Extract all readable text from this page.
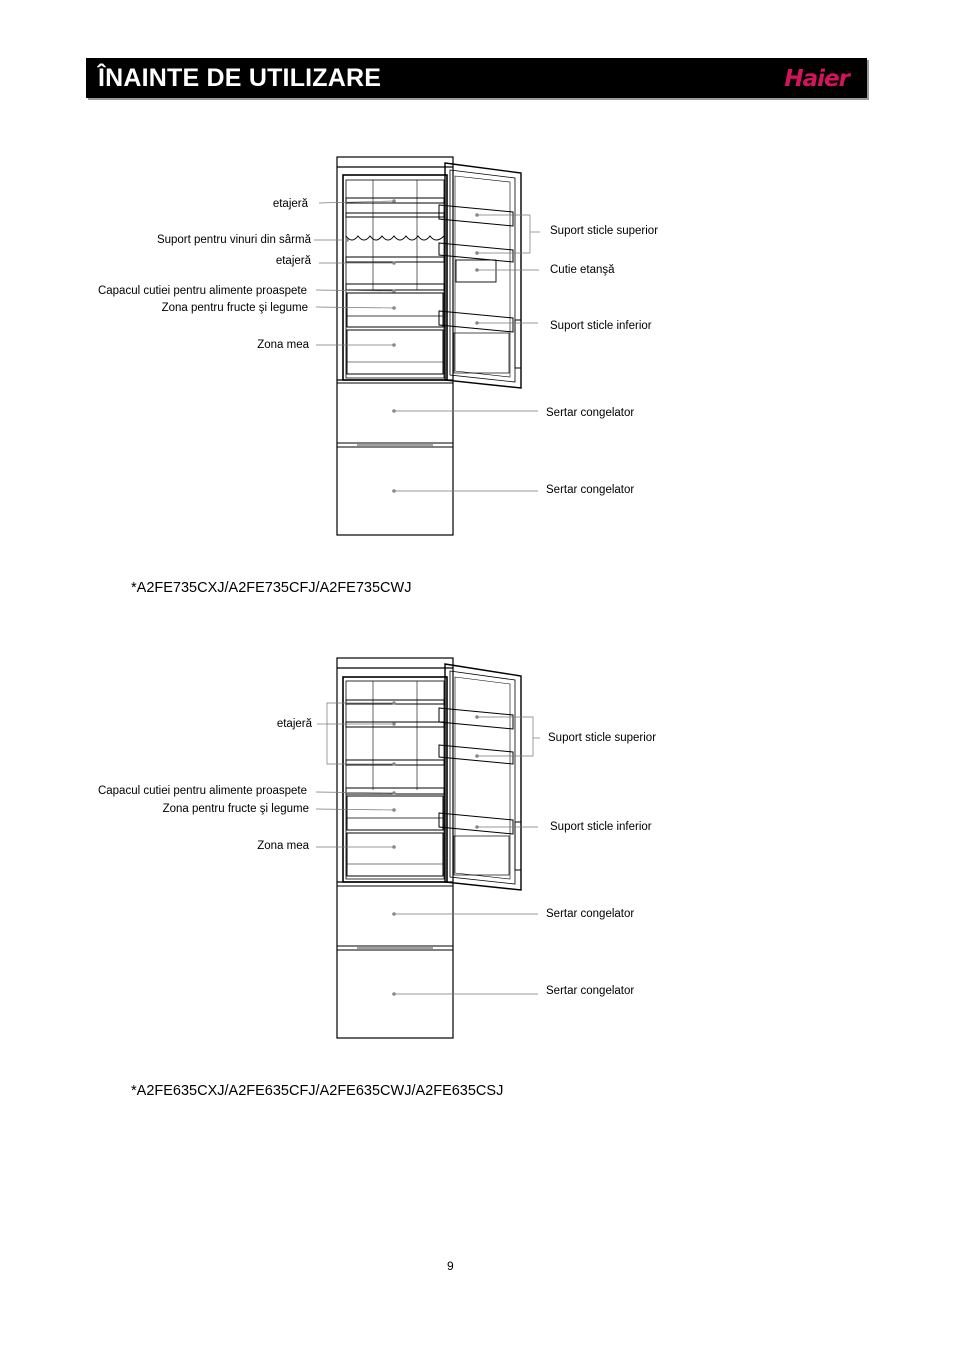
ÎNAINTE DE UTILIZARE	Haier
etajeră
Suport pentru vinuri din sârmă
etajeră
Capacul cutiei pentru alimente proaspete
Zona pentru fructe şi legume
Zona mea
Suport sticle superior
Cutie etanşă
Suport sticle inferior
Sertar congelator
Sertar congelator
*A2FE735CXJ/A2FE735CFJ/A2FE735CWJ
etajeră
Capacul cutiei pentru alimente proaspete
Zona pentru fructe şi legume
Zona mea
Suport sticle superior
Suport sticle inferior
Sertar congelator
Sertar congelator
*A2FE635CXJ/A2FE635CFJ/A2FE635CWJ/A2FE635CSJ
9
